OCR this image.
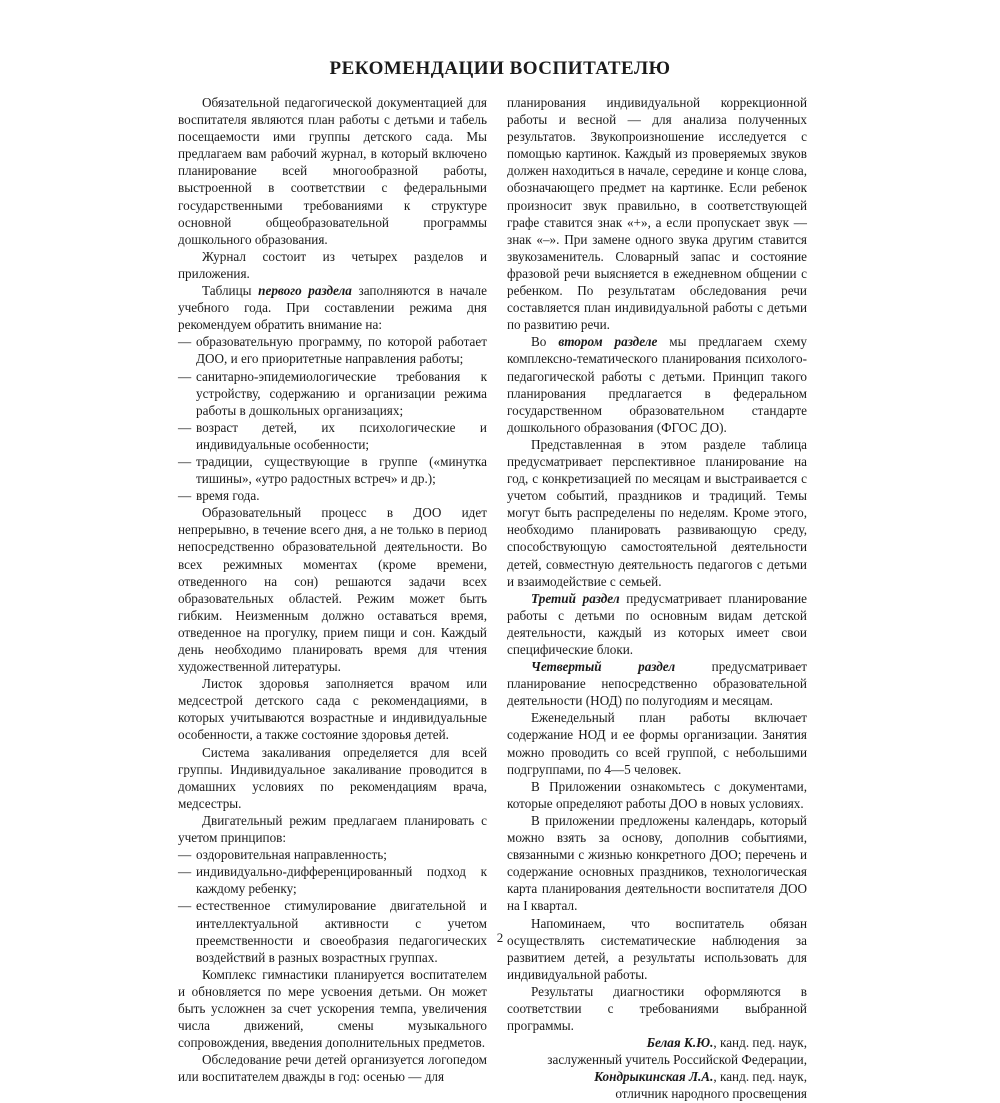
РЕКОМЕНДАЦИИ ВОСПИТАТЕЛЮ

Обязательной педагогической документацией для воспитателя являются план работы с детьми и табель посещаемости ими группы детского сада. Мы предлагаем вам рабочий журнал, в который включено планирование всей многообразной работы, выстроенной в соответствии с федеральными государственными требованиями к структуре основной общеобразовательной программы дошкольного образования.

Журнал состоит из четырех разделов и приложения.

Таблицы первого раздела заполняются в начале учебного года. При составлении режима дня рекомендуем обратить внимание на:

— образовательную программу, по которой работает ДОО, и его приоритетные направления работы;
— санитарно-эпидемиологические требования к устройству, содержанию и организации режима работы в дошкольных организациях;
— возраст детей, их психологические и индивидуальные особенности;
— традиции, существующие в группе («минутка тишины», «утро радостных встреч» и др.);
— время года.

Образовательный процесс в ДОО идет непрерывно, в течение всего дня, а не только в период непосредственно образовательной деятельности. Во всех режимных моментах (кроме времени, отведенного на сон) решаются задачи всех образовательных областей. Режим может быть гибким. Неизменным должно оставаться время, отведенное на прогулку, прием пищи и сон. Каждый день необходимо планировать время для чтения художественной литературы.

Листок здоровья заполняется врачом или медсестрой детского сада с рекомендациями, в которых учитываются возрастные и индивидуальные особенности, а также состояние здоровья детей.

Система закаливания определяется для всей группы. Индивидуальное закаливание проводится в домашних условиях по рекомендациям врача, медсестры.

Двигательный режим предлагаем планировать с учетом принципов:

— оздоровительная направленность;
— индивидуально-дифференцированный подход к каждому ребенку;
— естественное стимулирование двигательной и интеллектуальной активности с учетом преемственности и своеобразия педагогических воздействий в разных возрастных группах.

Комплекс гимнастики планируется воспитателем и обновляется по мере усвоения детьми. Он может быть усложнен за счет ускорения темпа, увеличения числа движений, смены музыкального сопровождения, введения дополнительных предметов.

Обследование речи детей организуется логопедом или воспитателем дважды в год: осенью — для

планирования индивидуальной коррекционной работы и весной — для анализа полученных результатов. Звукопроизношение исследуется с помощью картинок. Каждый из проверяемых звуков должен находиться в начале, середине и конце слова, обозначающего предмет на картинке. Если ребенок произносит звук правильно, в соответствующей графе ставится знак «+», а если пропускает звук — знак «–». При замене одного звука другим ставится звукозаменитель. Словарный запас и состояние фразовой речи выясняется в ежедневном общении с ребенком. По результатам обследования речи составляется план индивидуальной работы с детьми по развитию речи.

Во втором разделе мы предлагаем схему комплексно-тематического планирования психолого-педагогической работы с детьми. Принцип такого планирования предлагается в федеральном государственном образовательном стандарте дошкольного образования (ФГОС ДО).

Представленная в этом разделе таблица предусматривает перспективное планирование на год, с конкретизацией по месяцам и выстраивается с учетом событий, праздников и традиций. Темы могут быть распределены по неделям. Кроме этого, необходимо планировать развивающую среду, способствующую самостоятельной деятельности детей, совместную деятельность педагогов с детьми и взаимодействие с семьей.

Третий раздел предусматривает планирование работы с детьми по основным видам детской деятельности, каждый из которых имеет свои специфические блоки.

Четвертый раздел предусматривает планирование непосредственно образовательной деятельности (НОД) по полугодиям и месяцам.

Еженедельный план работы включает содержание НОД и ее формы организации. Занятия можно проводить со всей группой, с небольшими подгруппами, по 4—5 человек.

В Приложении ознакомьтесь с документами, которые определяют работы ДОО в новых условиях.

В приложении предложены календарь, который можно взять за основу, дополнив событиями, связанными с жизнью конкретного ДОО; перечень и содержание основных праздников, технологическая карта планирования деятельности воспитателя ДОО на I квартал.

Напоминаем, что воспитатель обязан осуществлять систематические наблюдения за развитием детей, а результаты использовать для индивидуальной работы.

Результаты диагностики оформляются в соответствии с требованиями выбранной программы.

Белая К.Ю., канд. пед. наук,

заслуженный учитель Российской Федерации,

Кондрыкинская Л.А., канд. пед. наук,

отличник народного просвещения

2
